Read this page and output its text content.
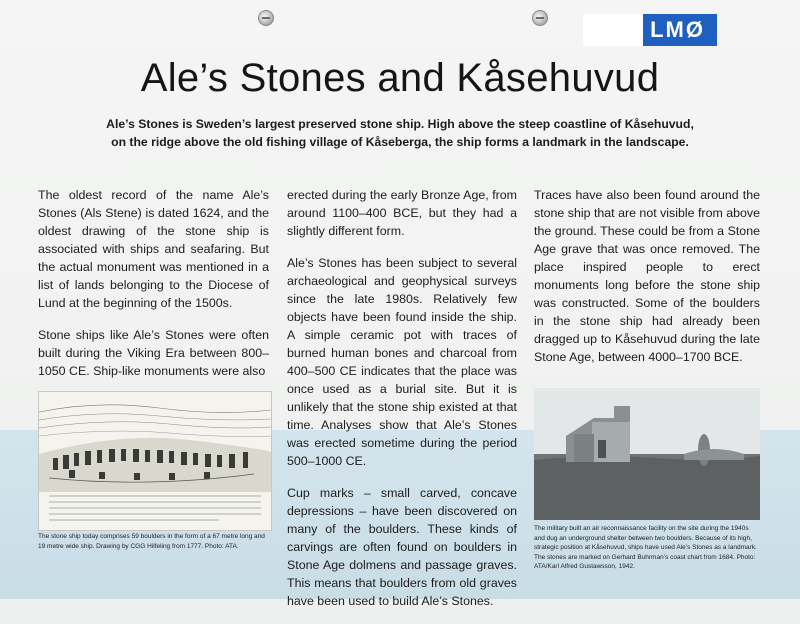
LMØ
Ale’s Stones and Kåsehuvud

Ale’s Stones is Sweden’s largest preserved stone ship. High above the steep coastline of Kåsehuvud,
on the ridge above the old fishing village of Kåseberga, the ship forms a landmark in the landscape.

The oldest record of the name Ale’s Stones (Als Stene) is dated 1624, and the oldest drawing of the stone ship is associated with ships and seafaring. But the actual monument was mentioned in a list of lands belonging to the Diocese of Lund at the beginning of the 1500s.

Stone ships like Ale’s Stones were often built during the Viking Era between 800–1050 CE. Ship-like monuments were also

erected during the early Bronze Age, from around 1100–400 BCE, but they had a slightly different form.

Ale’s Stones has been subject to several archaeological and geophysical surveys since the late 1980s. Relatively few objects have been found inside the ship. A simple ceramic pot with traces of burned human bones and charcoal from 400–500 CE indicates that the place was once used as a burial site. But it is unlikely that the stone ship existed at that time. Analyses show that Ale’s Stones was erected sometime during the period 500–1000 CE.

Cup marks – small carved, concave depressions – have been discovered on many of the boulders. These kinds of carvings are often found on boulders in Stone Age dolmens and passage graves. This means that boulders from old graves have been used to build Ale’s Stones.

Traces have also been found around the stone ship that are not visible from above the ground. These could be from a Stone Age grave that was once removed. The place inspired people to erect monuments long before the stone ship was constructed. Some of the boulders in the stone ship had already been dragged up to Kåsehuvud during the late Stone Age, between 4000–1700 BCE.

The stone ship today comprises 59 boulders in the form of a 67 metre long and 19 metre wide ship. Drawing by CGG Hilfeling from 1777. Photo: ATA.
The military built an air reconnaissance facility on the site during the 1940s and dug an underground shelter between two boulders. Because of its high, strategic position at Kåsehuvud, ships have used Ale’s Stones as a landmark. The stones are marked on Gerhard Buhrman’s coast chart from 1684. Photo: ATA/Karl Alfred Gustawsson, 1942.
